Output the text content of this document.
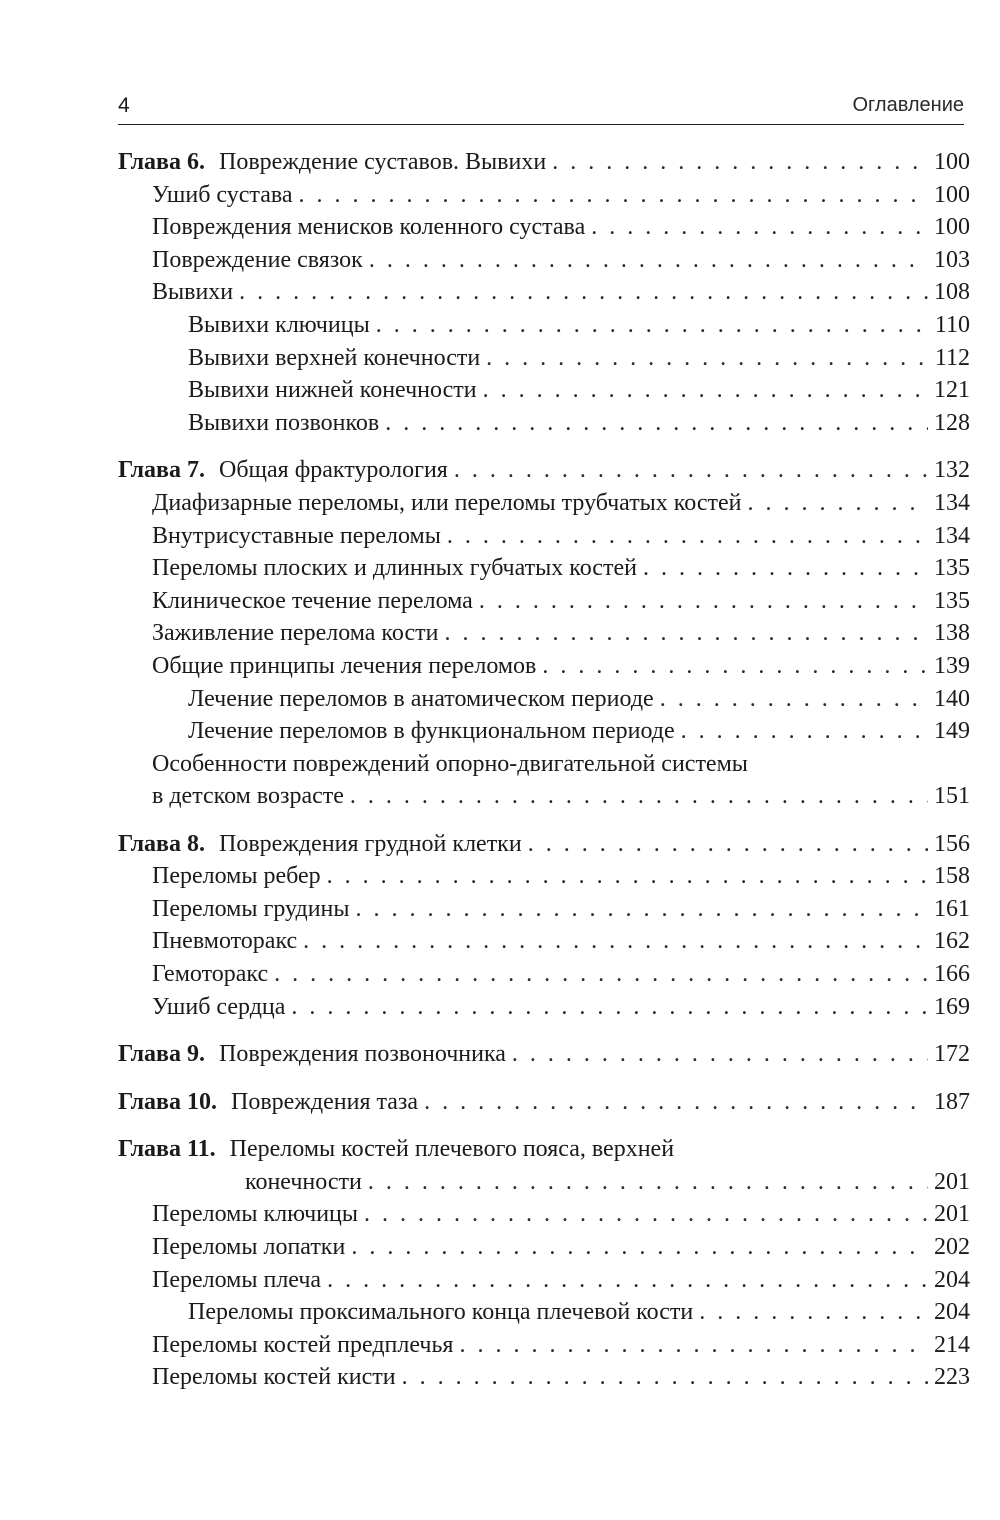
4	Оглавление
Глава 6. Повреждение суставов. Вывихи . . .	100
Ушиб сустава . . .	100
Повреждения менисков коленного сустава . . .	100
Повреждение связок . . .	103
Вывихи . . .	108
Вывихи ключицы . . .	110
Вывихи верхней конечности . . .	112
Вывихи нижней конечности . . .	121
Вывихи позвонков . . .	128
Глава 7. Общая фрактурология . . .	132
Диафизарные переломы, или переломы трубчатых костей . . .	134
Внутрисуставные переломы . . .	134
Переломы плоских и длинных губчатых костей . . .	135
Клиническое течение перелома . . .	135
Заживление перелома кости . . .	138
Общие принципы лечения переломов . . .	139
Лечение переломов в анатомическом периоде . . .	140
Лечение переломов в функциональном периоде . . .	149
Особенности повреждений опорно-двигательной системы
в детском возрасте . . .	151
Глава 8. Повреждения грудной клетки . . .	156
Переломы ребер . . .	158
Переломы грудины . . .	161
Пневмоторакс . . .	162
Гемоторакс . . .	166
Ушиб сердца . . .	169
Глава 9. Повреждения позвоночника . . .	172
Глава 10. Повреждения таза . . .	187
Глава 11. Переломы костей плечевого пояса, верхней
конечности . . .	201
Переломы ключицы . . .	201
Переломы лопатки . . .	202
Переломы плеча . . .	204
Переломы проксимального конца плечевой кости . . .	204
Переломы костей предплечья . . .	214
Переломы костей кисти . . .	223
